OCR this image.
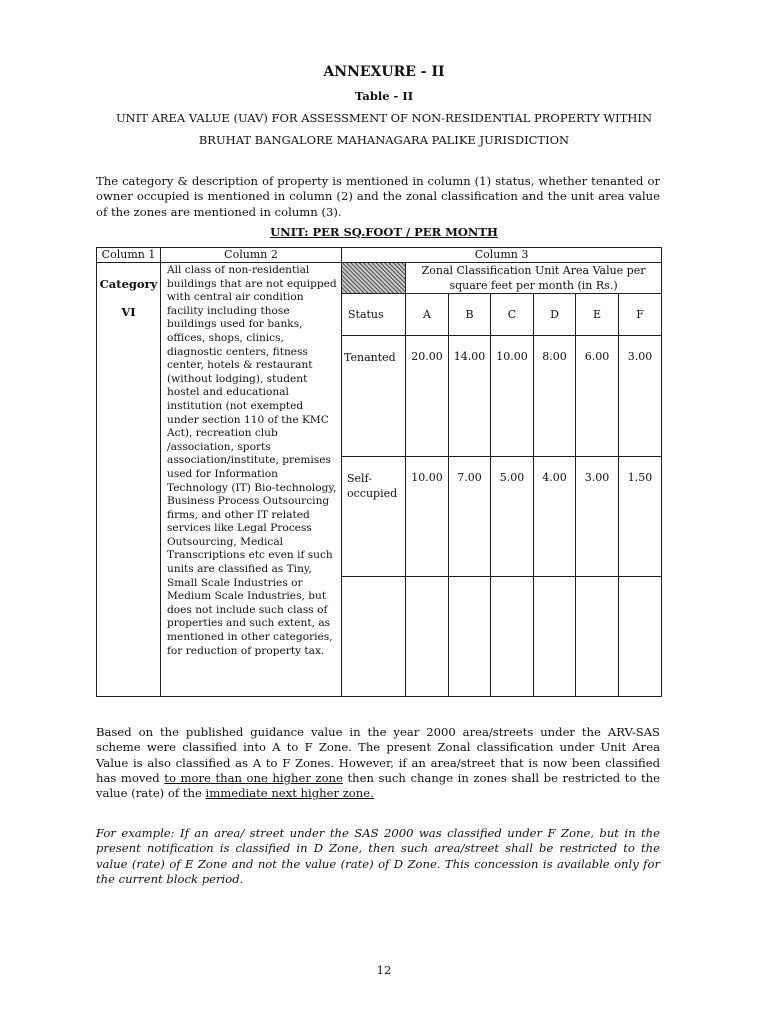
ANNEXURE - II
Table - II
UNIT AREA VALUE (UAV) FOR ASSESSMENT OF NON-RESIDENTIAL PROPERTY WITHIN
BRUHAT BANGALORE MAHANAGARA PALIKE JURISDICTION
The category & description of property is mentioned in column (1) status, whether tenanted or owner occupied is mentioned in column (2) and the zonal classification and the unit area value of the zones are mentioned in column (3).
UNIT: PER SQ.FOOT / PER MONTH
Column 1	Column 2	Column 3						

Category
VI	All class of non-residential buildings that are not equipped with central air condition facility including those buildings used for banks, offices, shops, clinics, diagnostic centers, fitness center, hotels & restaurant (without lodging), student hostel and educational institution (not exempted under section 110 of the KMC Act), recreation club /association, sports association/institute, premises used for Information Technology (IT) Bio-technology, Business Process Outsourcing firms, and other IT related services like Legal Process Outsourcing, Medical Transcriptions etc even if such units are classified as Tiny, Small Scale Industries or Medium Scale Industries, but does not include such class of properties and such extent, as mentioned in other categories, for reduction of property tax.		Zonal Classification Unit Area Value per square feet per month (in Rs.)					
		Status	A	B	C	D	E	F
		Tenanted	20.00	14.00	10.00	8.00	6.00	3.00
		Self-occupied	10.00	7.00	5.00	4.00	3.00	1.50

Based on the published guidance value in the year 2000 area/streets under the ARV-SAS scheme were classified into A to F Zone. The present Zonal classification under Unit Area Value is also classified as A to F Zones. However, if an area/street that is now been classified has moved to more than one higher zone then such change in zones shall be restricted to the value (rate) of the immediate next higher zone.
For example: If an area/ street under the SAS 2000 was classified under F Zone, but in the present notification is classified in D Zone, then such area/street shall be restricted to the value (rate) of E Zone and not the value (rate) of D Zone. This concession is available only for the current block period.
12
